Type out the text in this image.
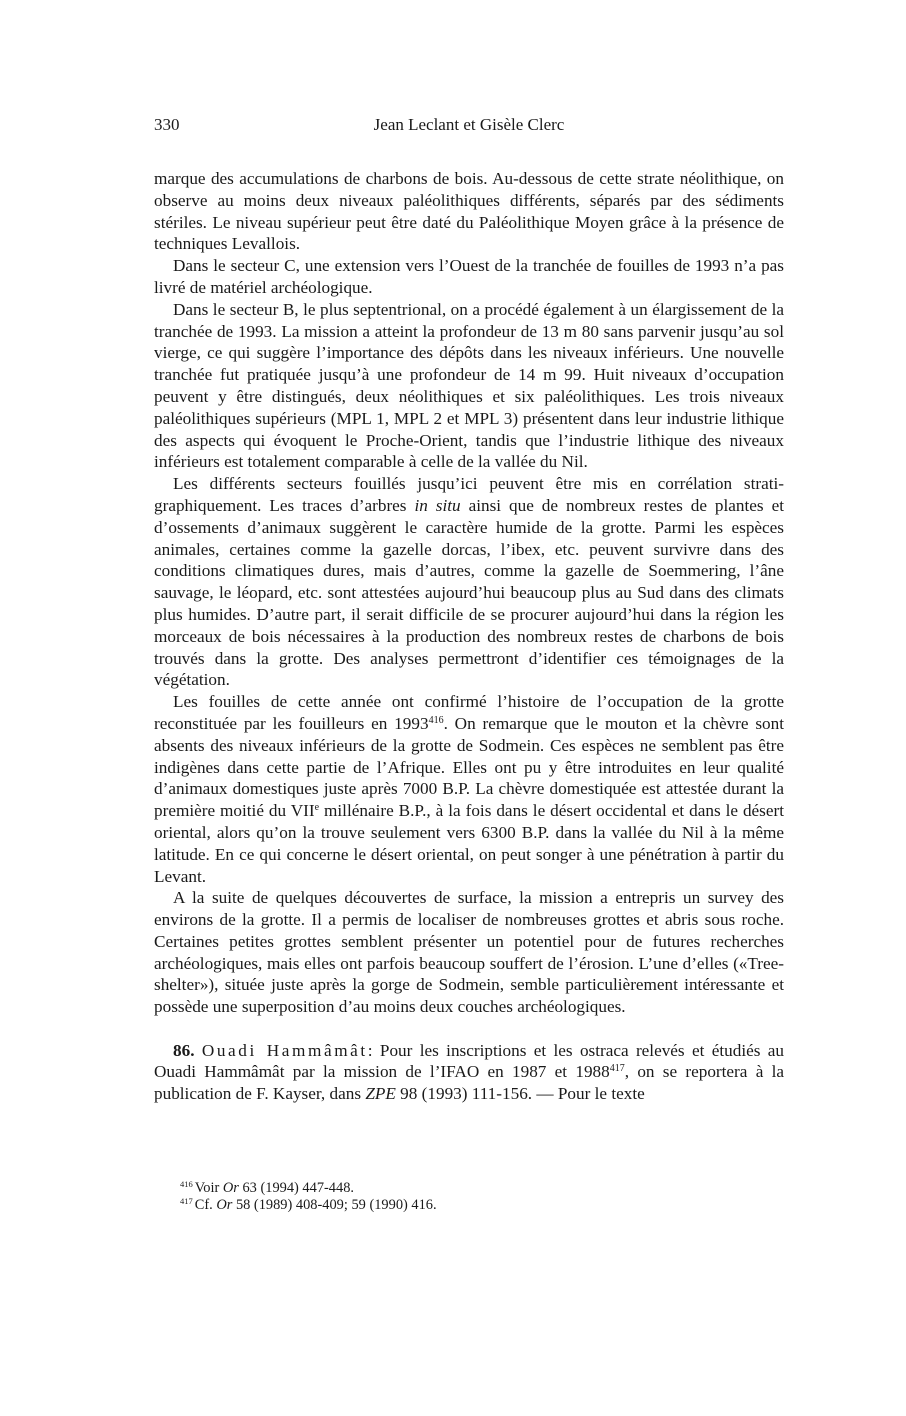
330	Jean Leclant et Gisèle Clerc

marque des accumulations de charbons de bois. Au-dessous de cette strate néolithique, on observe au moins deux niveaux paléolithiques différents, séparés par des sédiments stériles. Le niveau supérieur peut être daté du Paléolithique Moyen grâce à la présence de techniques Levallois.

Dans le secteur C, une extension vers l’Ouest de la tranchée de fouilles de 1993 n’a pas livré de matériel archéologique.

Dans le secteur B, le plus septentrional, on a procédé également à un élargissement de la tranchée de 1993. La mission a atteint la profondeur de 13 m 80 sans parvenir jusqu’au sol vierge, ce qui suggère l’importance des dépôts dans les niveaux inférieurs. Une nouvelle tranchée fut pratiquée jusqu’à une profondeur de 14 m 99. Huit niveaux d’occupation peuvent y être distingués, deux néolithiques et six paléolithiques. Les trois niveaux paléolithiques supérieurs (MPL 1, MPL 2 et MPL 3) présentent dans leur industrie lithique des aspects qui évoquent le Proche-Orient, tandis que l’industrie lithique des niveaux inférieurs est totalement comparable à celle de la vallée du Nil.

Les différents secteurs fouillés jusqu’ici peuvent être mis en corrélation stratigraphiquement. Les traces d’arbres in situ ainsi que de nombreux restes de plantes et d’ossements d’animaux suggèrent le caractère humide de la grotte. Parmi les espèces animales, certaines comme la gazelle dorcas, l’ibex, etc. peuvent survivre dans des conditions climatiques dures, mais d’autres, comme la gazelle de Soemmering, l’âne sauvage, le léopard, etc. sont attestées aujourd’hui beaucoup plus au Sud dans des climats plus humides. D’autre part, il serait difficile de se procurer aujourd’hui dans la région les morceaux de bois nécessaires à la production des nombreux restes de charbons de bois trouvés dans la grotte. Des analyses permettront d’identifier ces témoignages de la végétation.

Les fouilles de cette année ont confirmé l’histoire de l’occupation de la grotte reconstituée par les fouilleurs en 1993$^{416}$. On remarque que le mouton et la chèvre sont absents des niveaux inférieurs de la grotte de Sodmein. Ces espèces ne semblent pas être indigènes dans cette partie de l’Afrique. Elles ont pu y être introduites en leur qualité d’animaux domestiques juste après 7000 B.P. La chèvre domestiquée est attestée durant la première moitié du VIIe millénaire B.P., à la fois dans le désert occidental et dans le désert oriental, alors qu’on la trouve seulement vers 6300 B.P. dans la vallée du Nil à la même latitude. En ce qui concerne le désert oriental, on peut songer à une pénétration à partir du Levant.

A la suite de quelques découvertes de surface, la mission a entrepris un survey des environs de la grotte. Il a permis de localiser de nombreuses grottes et abris sous roche. Certaines petites grottes semblent présenter un potentiel pour de futures recherches archéologiques, mais elles ont parfois beaucoup souffert de l’érosion. L’une d’elles («Tree-shelter»), située juste après la gorge de Sodmein, semble particulièrement intéressante et possède une superposition d’au moins deux couches archéologiques.

86. Ouadi Hammâmât: Pour les inscriptions et les ostraca relevés et étudiés au Ouadi Hammâmât par la mission de l’IFAO en 1987 et 1988$^{417}$, on se reportera à la publication de F. Kayser, dans ZPE 98 (1993) 111-156. — Pour le texte

$^{416}$ Voir Or 63 (1994) 447-448.

$^{417}$ Cf. Or 58 (1989) 408-409; 59 (1990) 416.
